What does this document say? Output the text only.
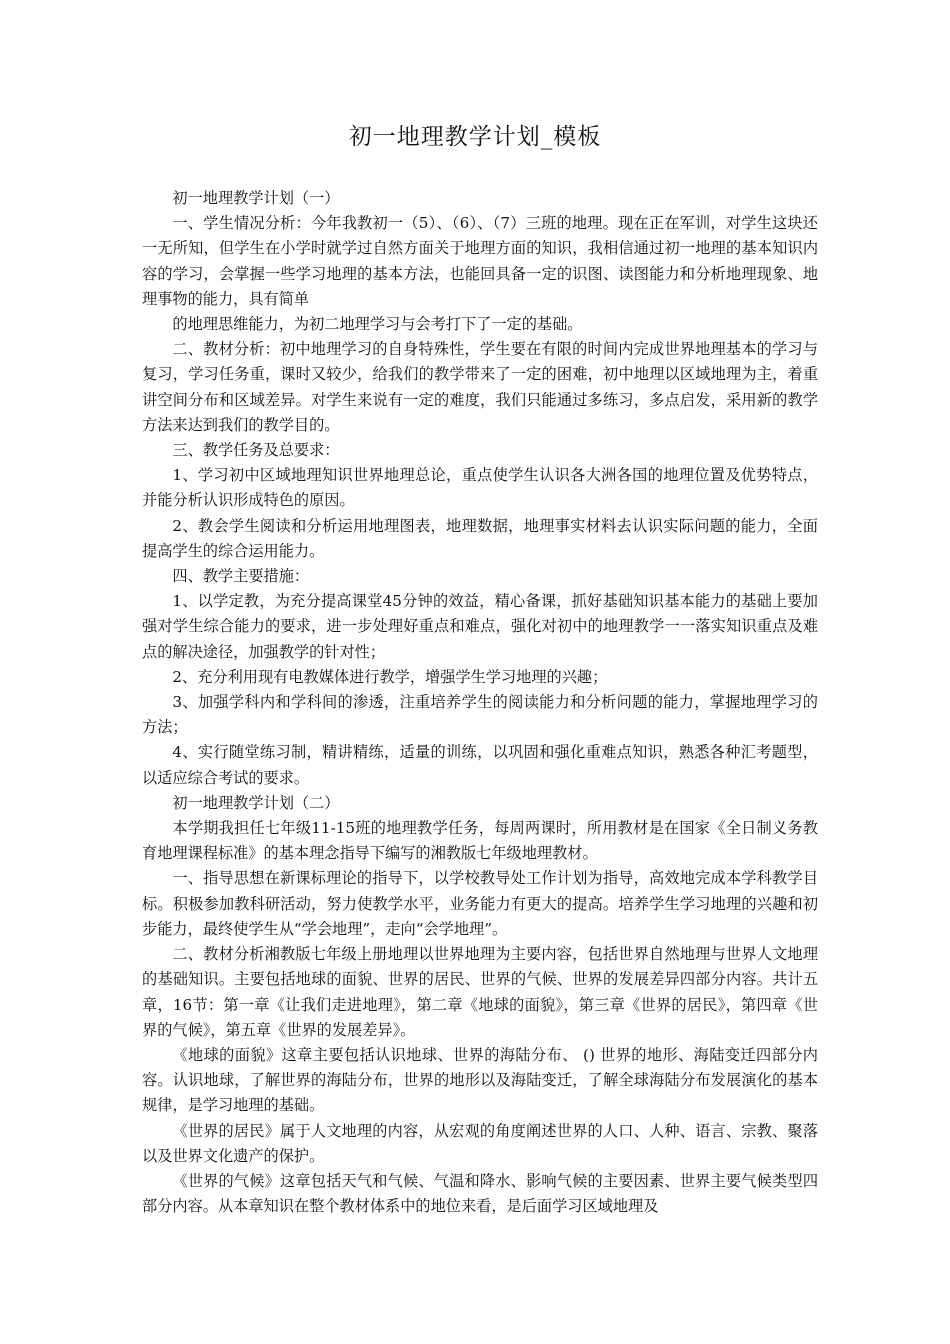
初一地理教学计划_模板

初一地理教学计划（一）

一、学生情况分析：今年我教初一（5）、（6）、（7）三班的地理。现在正在军训，对学生这块还一无所知，但学生在小学时就学过自然方面关于地理方面的知识，我相信通过初一地理的基本知识内容的学习，会掌握一些学习地理的基本方法，也能回具备一定的识图、读图能力和分析地理现象、地理事物的能力，具有简单

的地理思维能力，为初二地理学习与会考打下了一定的基础。

二、教材分析：初中地理学习的自身特殊性，学生要在有限的时间内完成世界地理基本的学习与复习，学习任务重，课时又较少，给我们的教学带来了一定的困难，初中地理以区域地理为主，着重讲空间分布和区域差异。对学生来说有一定的难度，我们只能通过多练习，多点启发，采用新的教学方法来达到我们的教学目的。

三、教学任务及总要求：

1、学习初中区域地理知识世界地理总论，重点使学生认识各大洲各国的地理位置及优势特点，并能分析认识形成特色的原因。

2、教会学生阅读和分析运用地理图表，地理数据，地理事实材料去认识实际问题的能力，全面提高学生的综合运用能力。

四、教学主要措施：

1、以学定教，为充分提高课堂45分钟的效益，精心备课，抓好基础知识基本能力的基础上要加强对学生综合能力的要求，进一步处理好重点和难点，强化对初中的地理教学一一落实知识重点及难点的解决途径，加强教学的针对性；

2、充分利用现有电教媒体进行教学，增强学生学习地理的兴趣；

3、加强学科内和学科间的渗透，注重培养学生的阅读能力和分析问题的能力，掌握地理学习的方法；

4、实行随堂练习制，精讲精练，适量的训练，以巩固和强化重难点知识，熟悉各种汇考题型，以适应综合考试的要求。

初一地理教学计划（二）

本学期我担任七年级11-15班的地理教学任务，每周两课时，所用教材是在国家《全日制义务教育地理课程标准》的基本理念指导下编写的湘教版七年级地理教材。

一、指导思想在新课标理论的指导下，以学校教导处工作计划为指导，高效地完成本学科教学目标。积极参加教科研活动，努力使教学水平，业务能力有更大的提高。培养学生学习地理的兴趣和初步能力，最终使学生从“学会地理”，走向“会学地理”。

二、教材分析湘教版七年级上册地理以世界地理为主要内容，包括世界自然地理与世界人文地理的基础知识。主要包括地球的面貌、世界的居民、世界的气候、世界的发展差异四部分内容。共计五章，16节：第一章《让我们走进地理》，第二章《地球的面貌》，第三章《世界的居民》，第四章《世界的气候》，第五章《世界的发展差异》。

《地球的面貌》这章主要包括认识地球、世界的海陆分布、 () 世界的地形、海陆变迁四部分内容。认识地球，了解世界的海陆分布，世界的地形以及海陆变迁，了解全球海陆分布发展演化的基本规律，是学习地理的基础。

《世界的居民》属于人文地理的内容，从宏观的角度阐述世界的人口、人种、语言、宗教、聚落以及世界文化遗产的保护。

《世界的气候》这章包括天气和气候、气温和降水、影响气候的主要因素、世界主要气候类型四部分内容。从本章知识在整个教材体系中的地位来看，是后面学习区域地理及
